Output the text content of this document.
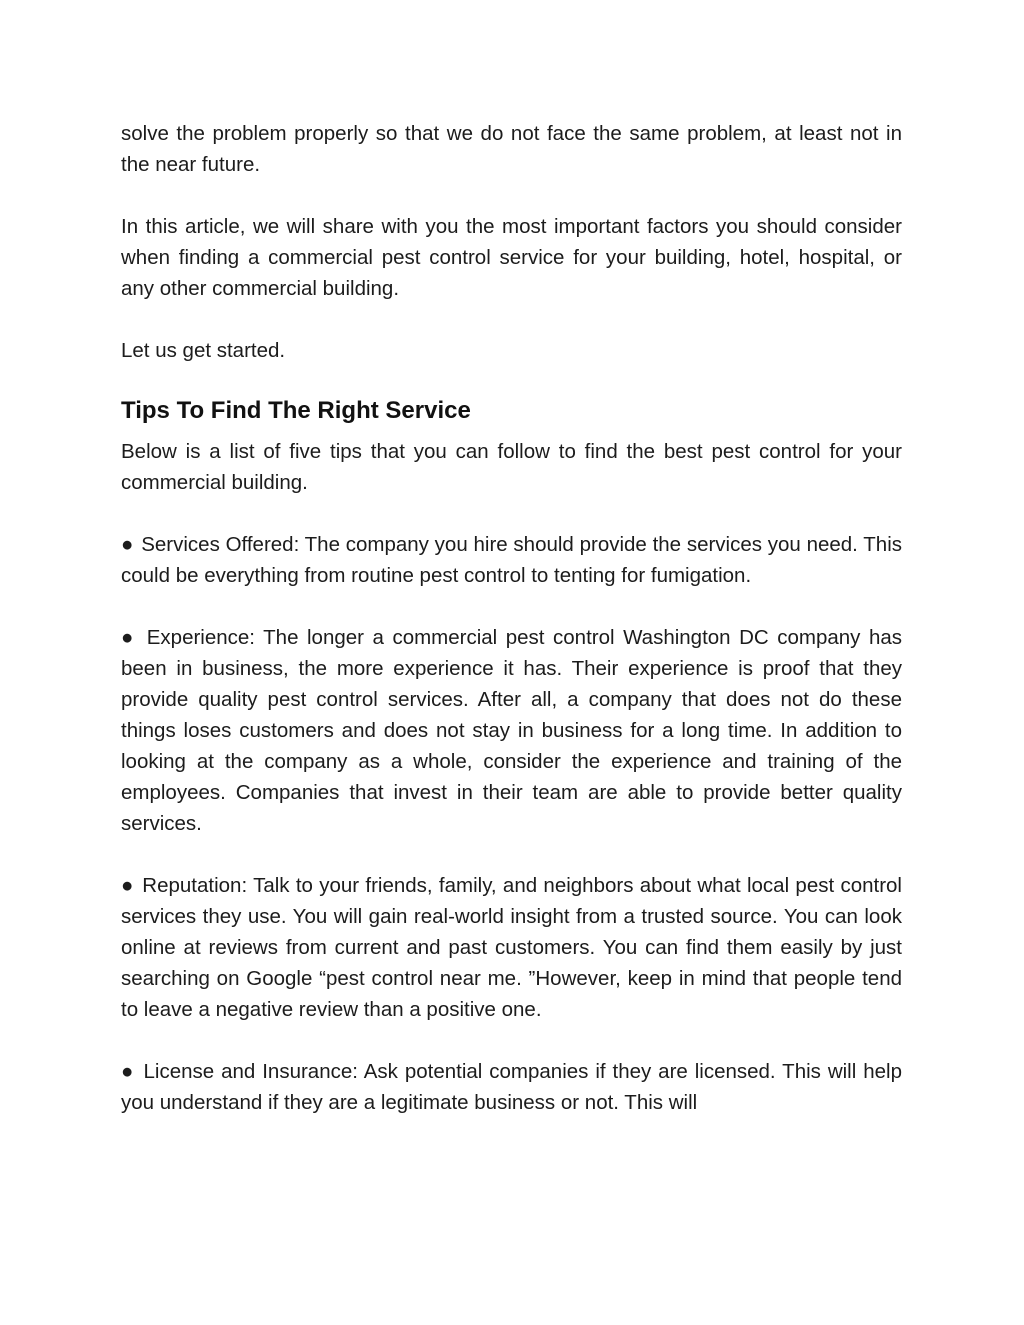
solve the problem properly so that we do not face the same problem, at least not in the near future.

In this article, we will share with you the most important factors you should consider when finding a commercial pest control service for your building, hotel, hospital, or any other commercial building.

Let us get started.

Tips To Find The Right Service

Below is a list of five tips that you can follow to find the best pest control for your commercial building.

● Services Offered: The company you hire should provide the services you need. This could be everything from routine pest control to tenting for fumigation.

● Experience: The longer a commercial pest control Washington DC company has been in business, the more experience it has. Their experience is proof that they provide quality pest control services. After all, a company that does not do these things loses customers and does not stay in business for a long time. In addition to looking at the company as a whole, consider the experience and training of the employees. Companies that invest in their team are able to provide better quality services.

● Reputation: Talk to your friends, family, and neighbors about what local pest control services they use. You will gain real-world insight from a trusted source. You can look online at reviews from current and past customers. You can find them easily by just searching on Google “pest control near me. ”However, keep in mind that people tend to leave a negative review than a positive one.

● License and Insurance: Ask potential companies if they are licensed. This will help you understand if they are a legitimate business or not. This will
